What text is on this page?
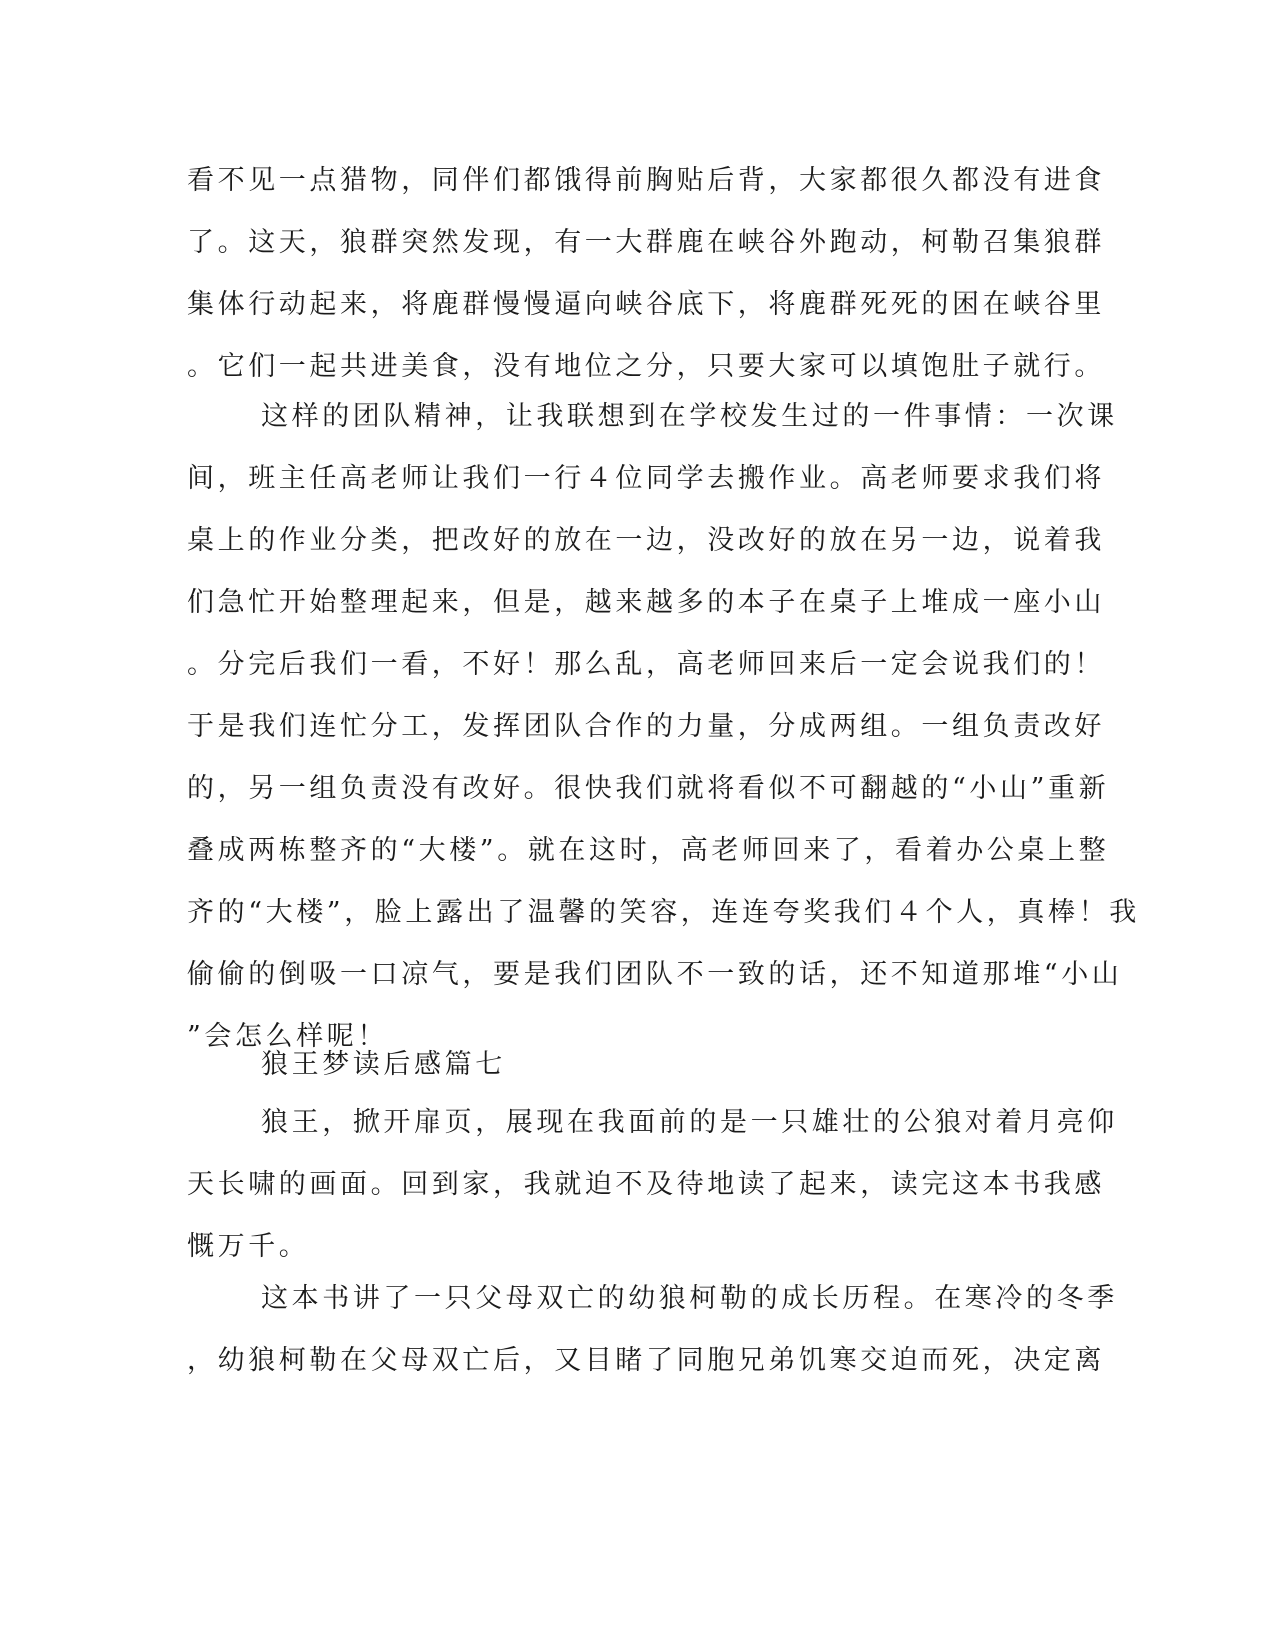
看不见一点猎物，同伴们都饿得前胸贴后背，大家都很久都没有进食
了。这天，狼群突然发现，有一大群鹿在峡谷外跑动，柯勒召集狼群
集体行动起来，将鹿群慢慢逼向峡谷底下，将鹿群死死的困在峡谷里
。它们一起共进美食，没有地位之分，只要大家可以填饱肚子就行。
这样的团队精神，让我联想到在学校发生过的一件事情：一次课
间，班主任高老师让我们一行４位同学去搬作业。高老师要求我们将
桌上的作业分类，把改好的放在一边，没改好的放在另一边，说着我
们急忙开始整理起来，但是，越来越多的本子在桌子上堆成一座小山
。分完后我们一看，不好！那么乱，高老师回来后一定会说我们的！
于是我们连忙分工，发挥团队合作的力量，分成两组。一组负责改好
的，另一组负责没有改好。很快我们就将看似不可翻越的“小山”重新
叠成两栋整齐的“大楼”。就在这时，高老师回来了，看着办公桌上整
齐的“大楼”，脸上露出了温馨的笑容，连连夸奖我们４个人，真棒！我
偷偷的倒吸一口凉气，要是我们团队不一致的话，还不知道那堆“小山
”会怎么样呢！
狼王梦读后感篇七
狼王，掀开扉页，展现在我面前的是一只雄壮的公狼对着月亮仰
天长啸的画面。回到家，我就迫不及待地读了起来，读完这本书我感
慨万千。
这本书讲了一只父母双亡的幼狼柯勒的成长历程。在寒冷的冬季
，幼狼柯勒在父母双亡后，又目睹了同胞兄弟饥寒交迫而死，决定离
